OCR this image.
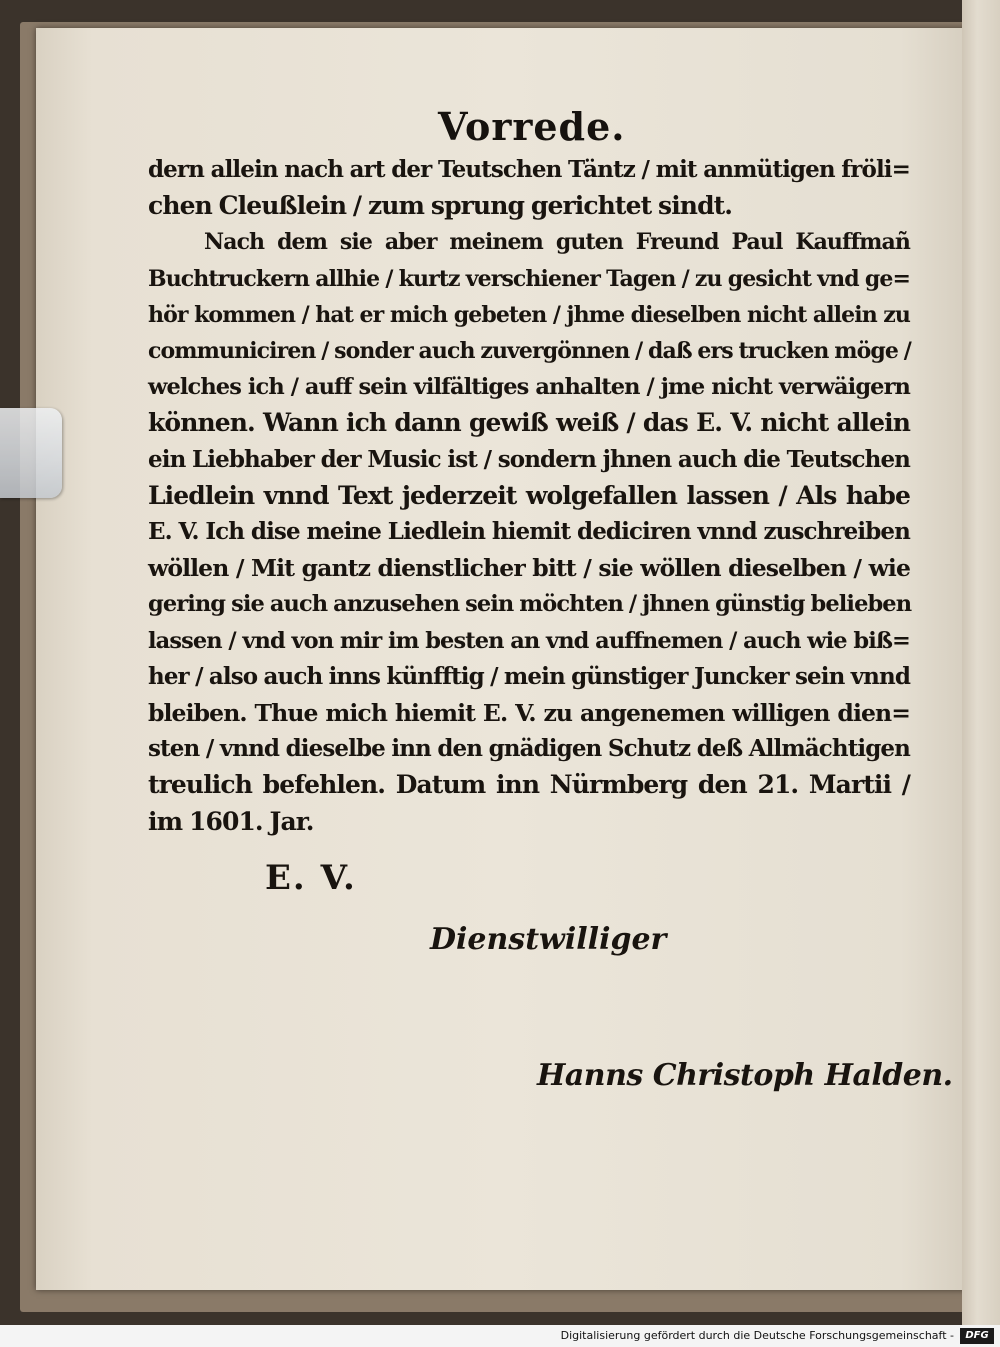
Vorrede.
dern allein nach art der Teutschen Täntz / mit anmütigen fröli=
chen Cleußlein / zum sprung gerichtet sindt.
Nach dem sie aber meinem guten Freund Paul Kauffmañ
Buchtruckern allhie / kurtz verschiener Tagen / zu gesicht vnd ge=
hör kommen / hat er mich gebeten / jhme dieselben nicht allein zu
communiciren / sonder auch zuvergönnen / daß ers trucken möge /
welches ich / auff sein vilfältiges anhalten / jme nicht verwäigern
können. Wann ich dann gewiß weiß / das E. V. nicht allein
ein Liebhaber der Music ist / sondern jhnen auch die Teutschen
Liedlein vnnd Text jederzeit wolgefallen lassen / Als habe
E. V. Ich dise meine Liedlein hiemit dediciren vnnd zuschreiben
wöllen / Mit gantz dienstlicher bitt / sie wöllen dieselben / wie
gering sie auch anzusehen sein möchten / jhnen günstig belieben
lassen / vnd von mir im besten an vnd auffnemen / auch wie biß=
her / also auch inns künfftig / mein günstiger Juncker sein vnnd
bleiben. Thue mich hiemit E. V. zu angenemen willigen dien=
sten / vnnd dieselbe inn den gnädigen Schutz deß Allmächtigen
treulich befehlen. Datum inn Nürmberg den 21. Martii /
im 1601. Jar.
E. V.
Dienstwilliger
Hanns Christoph Halden.
Digitalisierung gefördert durch die Deutsche Forschungsgemeinschaft -	DFG
